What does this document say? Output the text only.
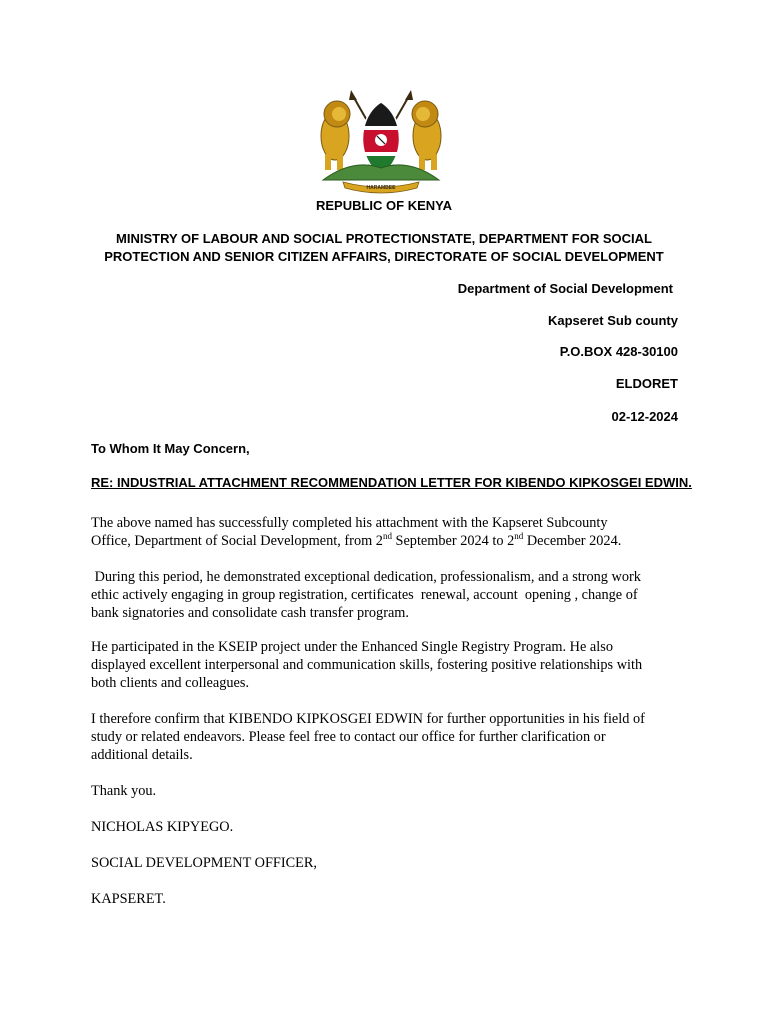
HARAMBEE
REPUBLIC OF KENYA
MINISTRY OF LABOUR AND SOCIAL PROTECTIONSTATE, DEPARTMENT FOR SOCIAL
PROTECTION AND SENIOR CITIZEN AFFAIRS, DIRECTORATE OF SOCIAL DEVELOPMENT
Department of Social Development
Kapseret Sub county
P.O.BOX 428-30100
ELDORET
02-12-2024
To Whom It May Concern,
RE: INDUSTRIAL ATTACHMENT RECOMMENDATION LETTER FOR KIBENDO KIPKOSGEI EDWIN.
The above named has successfully completed his attachment with the Kapseret Subcounty
Office, Department of Social Development, from 2nd September 2024 to 2nd December 2024.
During this period, he demonstrated exceptional dedication, professionalism, and a strong work
ethic actively engaging in group registration, certificates  renewal, account  opening , change of
bank signatories and consolidate cash transfer program.
He participated in the KSEIP project under the Enhanced Single Registry Program. He also
displayed excellent interpersonal and communication skills, fostering positive relationships with
both clients and colleagues.
I therefore confirm that KIBENDO KIPKOSGEI EDWIN for further opportunities in his field of
study or related endeavors. Please feel free to contact our office for further clarification or
additional details.
Thank you.
NICHOLAS KIPYEGO.
SOCIAL DEVELOPMENT OFFICER,
KAPSERET.
